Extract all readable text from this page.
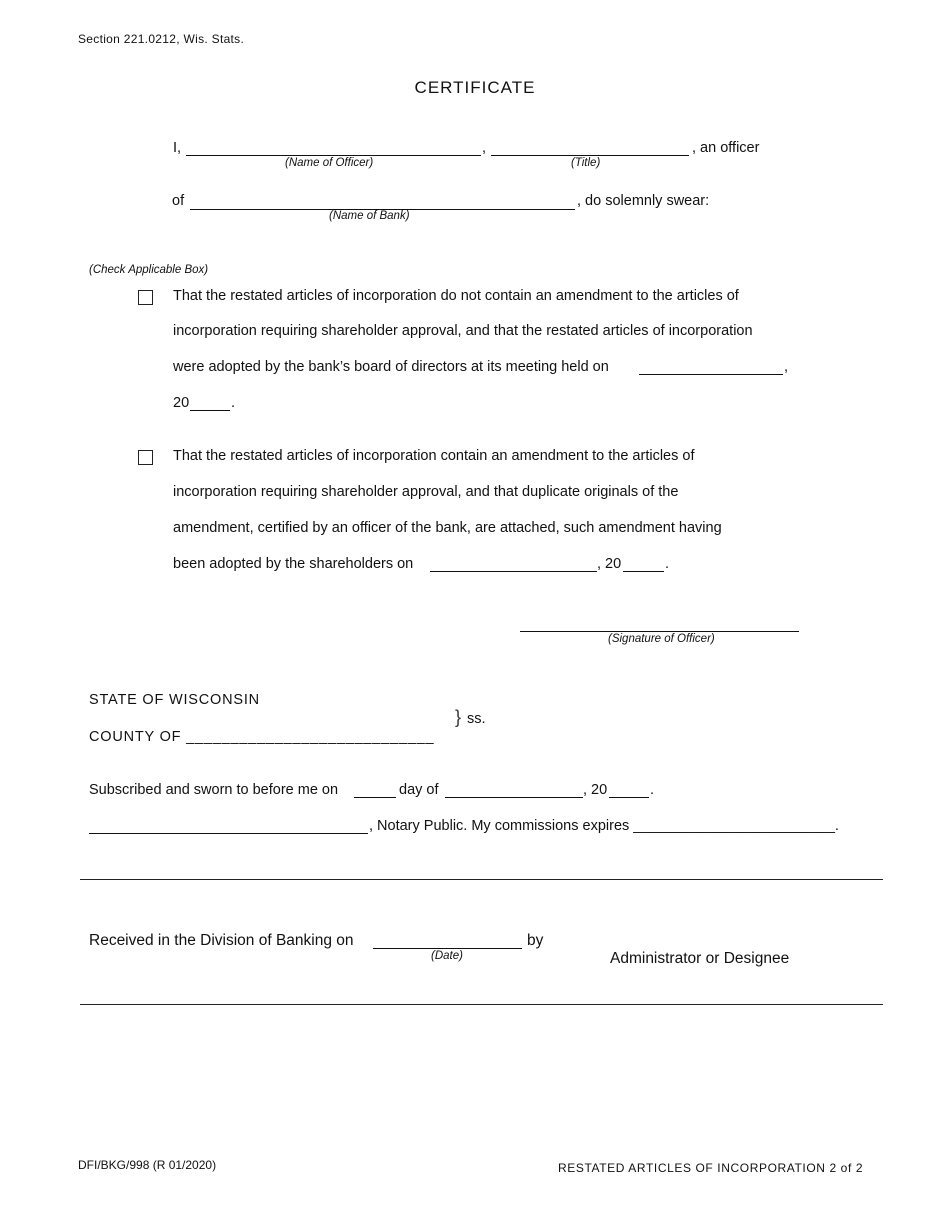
Section 221.0212, Wis. Stats.
CERTIFICATE
I,	,	, an officer
(Name of Officer)	(Title)
of	, do solemnly swear:
(Name of Bank)
(Check Applicable Box)
That the restated articles of incorporation do not contain an amendment to the articles of
incorporation requiring shareholder approval, and that the restated articles of incorporation
were adopted by the bank’s board of directors at its meeting held on	,
20	.
That the restated articles of incorporation contain an amendment to the articles of
incorporation requiring shareholder approval, and that duplicate originals of the
amendment, certified by an officer of the bank, are attached, such amendment having
been adopted by the shareholders on	, 20	.
(Signature of Officer)
STATE OF WISCONSIN
COUNTY OF ____________________________
} ss.
Subscribed and sworn to before me on	day of	, 20	.
, Notary Public. My commissions expires _________________________.
Received in the Division of Banking on	by
(Date)	Administrator or Designee
DFI/BKG/998 (R 01/2020)	RESTATED ARTICLES OF INCORPORATION 2 of 2
